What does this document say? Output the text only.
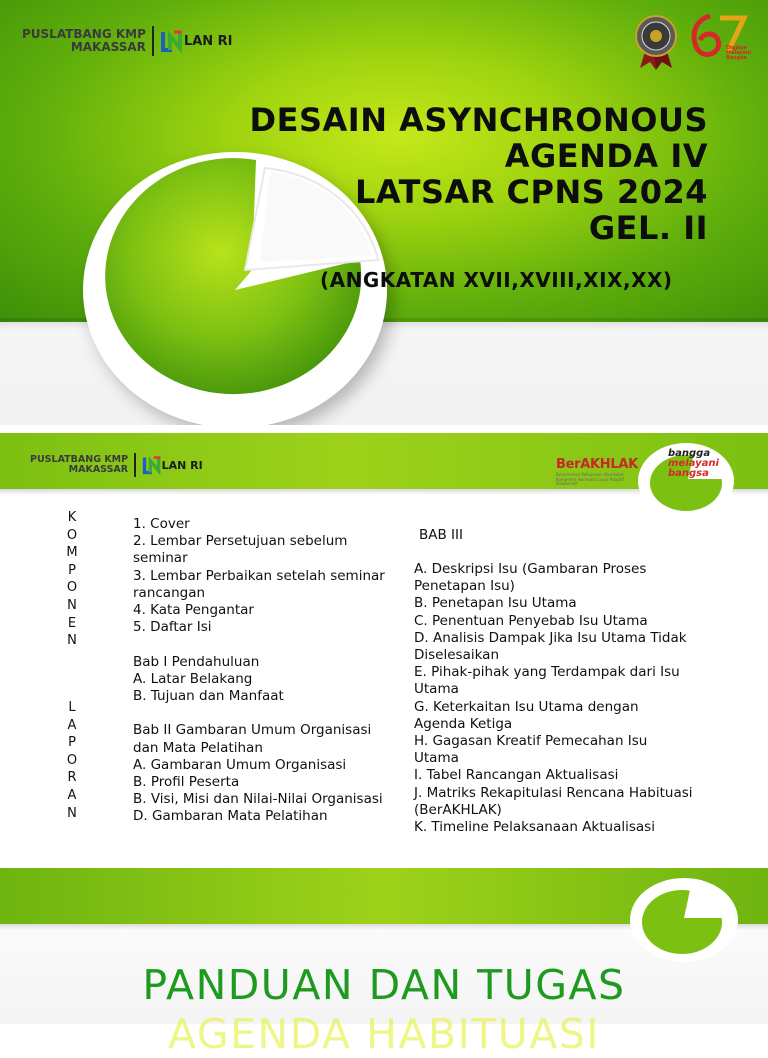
PUSLATBANG KMP
MAKASSAR	LAN RI	Digjaya
Melayani
Bangsa
DESAIN ASYNCHRONOUS
AGENDA IV
LATSAR CPNS 2024
GEL. II
(ANGKATAN XVII,XVIII,XIX,XX)
PUSLATBANG KMP
MAKASSAR	LAN RI	BerAKHLAK
Berorientasi Pelayanan Akuntabel Kompeten Harmonis Loyal Adaptif Kolaboratif
bangga
melayani
bangsa
K
O
M
P
O
N
E
N
L
A
P
O
R
A
N
1. Cover
2. Lembar Persetujuan sebelum
seminar
3. Lembar Perbaikan setelah seminar
rancangan
4. Kata Pengantar
5. Daftar Isi

Bab I Pendahuluan
A. Latar Belakang
B. Tujuan dan Manfaat

Bab II Gambaran Umum Organisasi
dan Mata Pelatihan
A. Gambaran Umum Organisasi
B. Profil Peserta
B. Visi, Misi dan Nilai-Nilai Organisasi
D. Gambaran Mata Pelatihan
BAB III
A. Deskripsi Isu (Gambaran Proses
Penetapan Isu)
B. Penetapan Isu Utama
C. Penentuan Penyebab Isu Utama
D. Analisis Dampak Jika Isu Utama Tidak
Diselesaikan
E. Pihak-pihak yang Terdampak dari Isu
Utama
G. Keterkaitan Isu Utama dengan
Agenda Ketiga
H. Gagasan Kreatif Pemecahan Isu
Utama
I. Tabel Rancangan Aktualisasi
J. Matriks Rekapitulasi Rencana Habituasi
(BerAKHLAK)
K. Timeline Pelaksanaan Aktualisasi
PANDUAN DAN TUGAS
AGENDA HABITUASI
